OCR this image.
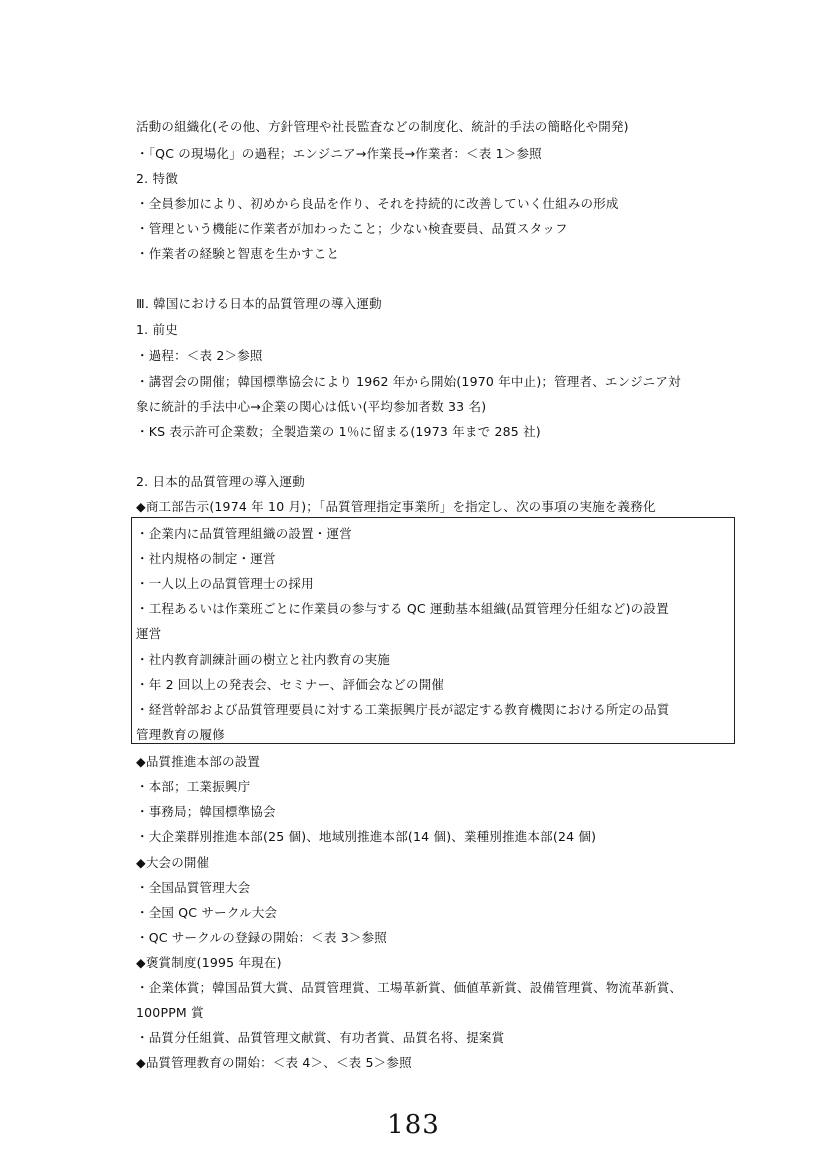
活動の組織化(その他、方針管理や社長監査などの制度化、統計的手法の簡略化や開発)
・「QC の現場化」の過程；エンジニア→作業長→作業者：＜表 1＞参照
2. 特徴
・全員参加により、初めから良品を作り、それを持続的に改善していく仕組みの形成
・管理という機能に作業者が加わったこと；少ない検査要員、品質スタッフ
・作業者の経験と智恵を生かすこと
Ⅲ. 韓国における日本的品質管理の導入運動
1. 前史
・過程：＜表 2＞参照
・講習会の開催；韓国標準協会により 1962 年から開始(1970 年中止)；管理者、エンジニア対
象に統計的手法中心→企業の関心は低い(平均参加者数 33 名)
・KS 表示許可企業数；全製造業の 1％に留まる(1973 年まで 285 社)
2. 日本的品質管理の導入運動
◆商工部告示(1974 年 10 月)；「品質管理指定事業所」を指定し、次の事項の実施を義務化
・企業内に品質管理組織の設置・運営
・社内規格の制定・運営
・一人以上の品質管理士の採用
・工程あるいは作業班ごとに作業員の参与する QC 運動基本組織(品質管理分任組など)の設置
運営
・社内教育訓練計画の樹立と社内教育の実施
・年 2 回以上の発表会、セミナー、評価会などの開催
・経営幹部および品質管理要員に対する工業振興庁長が認定する教育機関における所定の品質
管理教育の履修
◆品質推進本部の設置
・本部；工業振興庁
・事務局；韓国標準協会
・大企業群別推進本部(25 個)、地域別推進本部(14 個)、業種別推進本部(24 個)
◆大会の開催
・全国品質管理大会
・全国 QC サークル大会
・QC サークルの登録の開始：＜表 3＞参照
◆褒賞制度(1995 年現在)
・企業体賞；韓国品質大賞、品質管理賞、工場革新賞、価値革新賞、設備管理賞、物流革新賞、
100PPM 賞
・品質分任組賞、品質管理文献賞、有功者賞、品質名将、提案賞
◆品質管理教育の開始：＜表 4＞、＜表 5＞参照
183
